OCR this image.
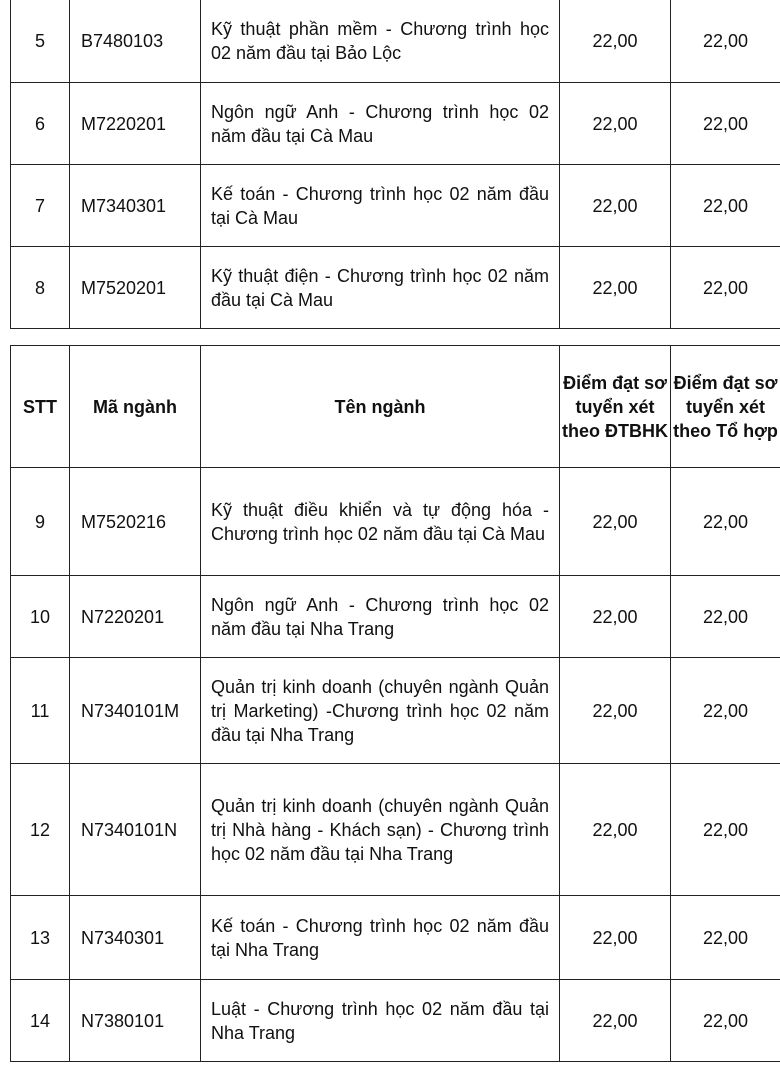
5	B7480103	Kỹ thuật phần mềm - Chương trình học 02 năm đầu tại Bảo Lộc	22,00	22,00
6	M7220201	Ngôn ngữ Anh - Chương trình học 02 năm đầu tại Cà Mau	22,00	22,00
7	M7340301	Kế toán - Chương trình học 02 năm đầu tại Cà Mau	22,00	22,00
8	M7520201	Kỹ thuật điện - Chương trình học 02 năm đầu tại Cà Mau	22,00	22,00
STT	Mã ngành	Tên ngành	Điểm đạt sơ tuyển xét theo ĐTBHK	Điểm đạt sơ tuyển xét theo Tổ hợp
9	M7520216	Kỹ thuật điều khiển và tự động hóa - Chương trình học 02 năm đầu tại Cà Mau	22,00	22,00
10	N7220201	Ngôn ngữ Anh - Chương trình học 02 năm đầu tại Nha Trang	22,00	22,00
11	N7340101M	Quản trị kinh doanh (chuyên ngành Quản trị Marketing) -Chương trình học 02 năm đầu tại Nha Trang	22,00	22,00
12	N7340101N	Quản trị kinh doanh (chuyên ngành Quản trị Nhà hàng - Khách sạn) - Chương trình học 02 năm đầu tại Nha Trang	22,00	22,00
13	N7340301	Kế toán - Chương trình học 02 năm đầu tại Nha Trang	22,00	22,00
14	N7380101	Luật - Chương trình học 02 năm đầu tại Nha Trang	22,00	22,00
